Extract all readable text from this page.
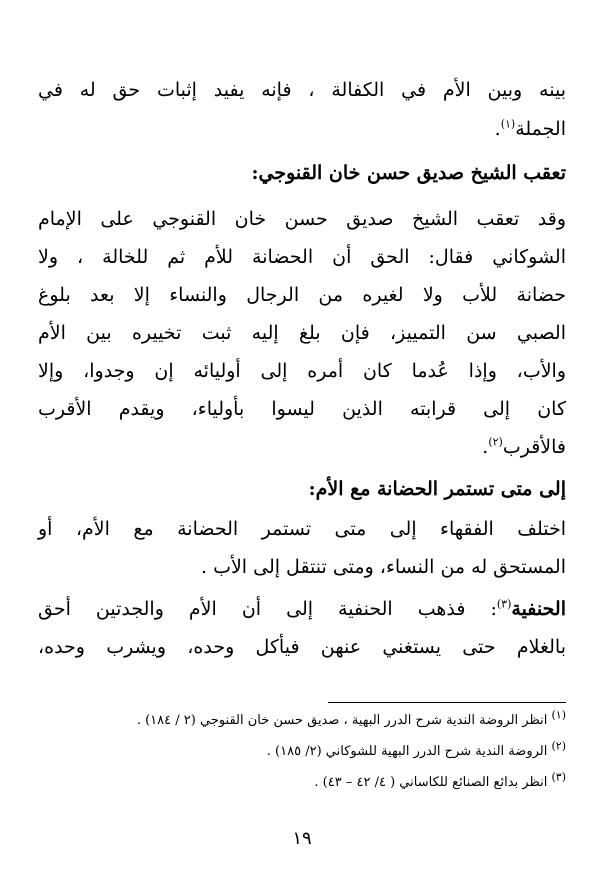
بينه وبين الأم في الكفالة ، فإنه يفيد إثبات حق له في
الجملة$^{(١)}$.
تعقب الشيخ صديق حسن خان القنوجي:
وقد تعقب الشيخ صديق حسن خان القنوجي على الإمام
الشوكاني فقال: الحق أن الحضانة للأم ثم للخالة ، ولا
حضانة للأب ولا لغيره من الرجال والنساء إلا بعد بلوغ
الصبي سن التمييز، فإن بلغ إليه ثبت تخييره بين الأم
والأب، وإذا عُدما كان أمره إلى أوليائه إن وجدوا، وإلا
كان إلى قرابته الذين ليسوا بأولياء، ويقدم الأقرب
فالأقرب$^{(٢)}$.
إلى متى تستمر الحضانة مع الأم:
اختلف الفقهاء إلى متى تستمر الحضانة مع الأم، أو
المستحق له من النساء، ومتى تنتقل إلى الأب .
الحنفية$^{(٣)}$: فذهب الحنفية إلى أن الأم والجدتين أحق
بالغلام حتى يستغني عنهن فيأكل وحده، ويشرب وحده،
$^{(١)}$ انظر الروضة الندية شرح الدرر البهية ، صديق حسن خان القنوجي (٢ / ١٨٤) .
$^{(٢)}$ الروضة الندية شرح الدرر البهية للشوكاني (٢/ ١٨٥) .
$^{(٣)}$ انظر بدائع الصنائع للكاساني ( ٤/ ٤٢ – ٤٣) .
١٩
